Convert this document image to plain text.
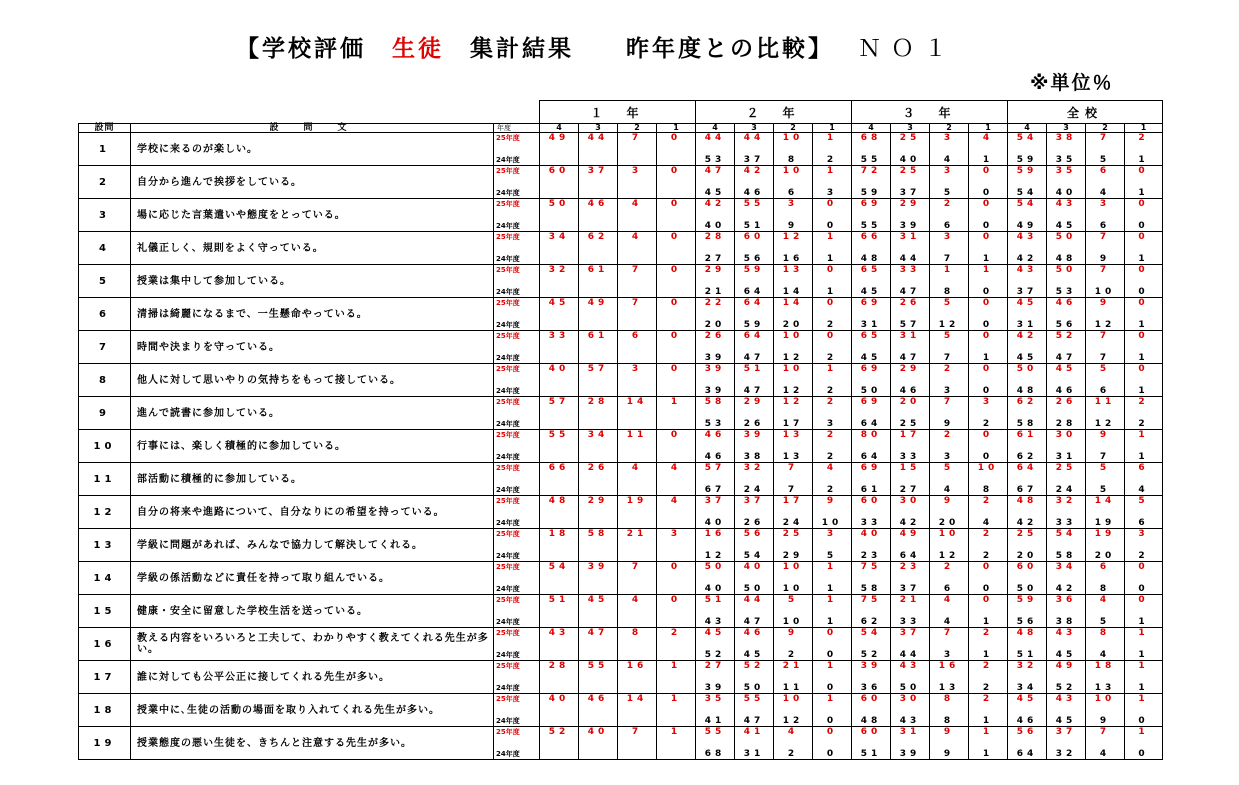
【学校評価　生徒　集計結果　　昨年度との比較】 ＮＯ１
※単位％
			１　年				２　年				３　年				全校			
設問	設　問　文	年度	4	3	2	1	4	3	2	1	4	3	2	1	4	3	2	1
1	学校に来るのが楽しい。	25年度	49	44	7	0	44	44	10	1	68	25	3	4	54	38	7	2
		24年度					53	37	8	2	55	40	4	1	59	35	5	1
2	自分から進んで挨拶をしている。	25年度	60	37	3	0	47	42	10	1	72	25	3	0	59	35	6	0
		24年度					45	46	6	3	59	37	5	0	54	40	4	1
3	場に応じた言葉遣いや態度をとっている。	25年度	50	46	4	0	42	55	3	0	69	29	2	0	54	43	3	0
		24年度					40	51	9	0	55	39	6	0	49	45	6	0
4	礼儀正しく、規則をよく守っている。	25年度	34	62	4	0	28	60	12	1	66	31	3	0	43	50	7	0
		24年度					27	56	16	1	48	44	7	1	42	48	9	1
5	授業は集中して参加している。	25年度	32	61	7	0	29	59	13	0	65	33	1	1	43	50	7	0
		24年度					21	64	14	1	45	47	8	0	37	53	10	0
6	清掃は綺麗になるまで、一生懸命やっている。	25年度	45	49	7	0	22	64	14	0	69	26	5	0	45	46	9	0
		24年度					20	59	20	2	31	57	12	0	31	56	12	1
7	時間や決まりを守っている。	25年度	33	61	6	0	26	64	10	0	65	31	5	0	42	52	7	0
		24年度					39	47	12	2	45	47	7	1	45	47	7	1
8	他人に対して思いやりの気持ちをもって接している。	25年度	40	57	3	0	39	51	10	1	69	29	2	0	50	45	5	0
		24年度					39	47	12	2	50	46	3	0	48	46	6	1
9	進んで読書に参加している。	25年度	57	28	14	1	58	29	12	2	69	20	7	3	62	26	11	2
		24年度					53	26	17	3	64	25	9	2	58	28	12	2
10	行事には、楽しく積極的に参加している。	25年度	55	34	11	0	46	39	13	2	80	17	2	0	61	30	9	1
		24年度					46	38	13	2	64	33	3	0	62	31	7	1
11	部活動に積極的に参加している。	25年度	66	26	4	4	57	32	7	4	69	15	5	10	64	25	5	6
		24年度					67	24	7	2	61	27	4	8	67	24	5	4
12	自分の将来や進路について、自分なりにの希望を持っている。	25年度	48	29	19	4	37	37	17	9	60	30	9	2	48	32	14	5
		24年度					40	26	24	10	33	42	20	4	42	33	19	6
13	学級に問題があれば、みんなで協力して解決してくれる。	25年度	18	58	21	3	16	56	25	3	40	49	10	2	25	54	19	3
		24年度					12	54	29	5	23	64	12	2	20	58	20	2
14	学級の係活動などに責任を持って取り組んでいる。	25年度	54	39	7	0	50	40	10	1	75	23	2	0	60	34	6	0
		24年度					40	50	10	1	58	37	6	0	50	42	8	0
15	健康・安全に留意した学校生活を送っている。	25年度	51	45	4	0	51	44	5	1	75	21	4	0	59	36	4	0
		24年度					43	47	10	1	62	33	4	1	56	38	5	1
16	教える内容をいろいろと工夫して、わかりやすく教えてくれる先生が多い。	25年度	43	47	8	2	45	46	9	0	54	37	7	2	48	43	8	1
		24年度					52	45	2	0	52	44	3	1	51	45	4	1
17	誰に対しても公平公正に接してくれる先生が多い。	25年度	28	55	16	1	27	52	21	1	39	43	16	2	32	49	18	1
		24年度					39	50	11	0	36	50	13	2	34	52	13	1
18	授業中に､生徒の活動の場面を取り入れてくれる先生が多い。	25年度	40	46	14	1	35	55	10	1	60	30	8	2	45	43	10	1
		24年度					41	47	12	0	48	43	8	1	46	45	9	0
19	授業態度の悪い生徒を、きちんと注意する先生が多い。	25年度	52	40	7	1	55	41	4	0	60	31	9	1	56	37	7	1
		24年度					68	31	2	0	51	39	9	1	64	32	4	0
